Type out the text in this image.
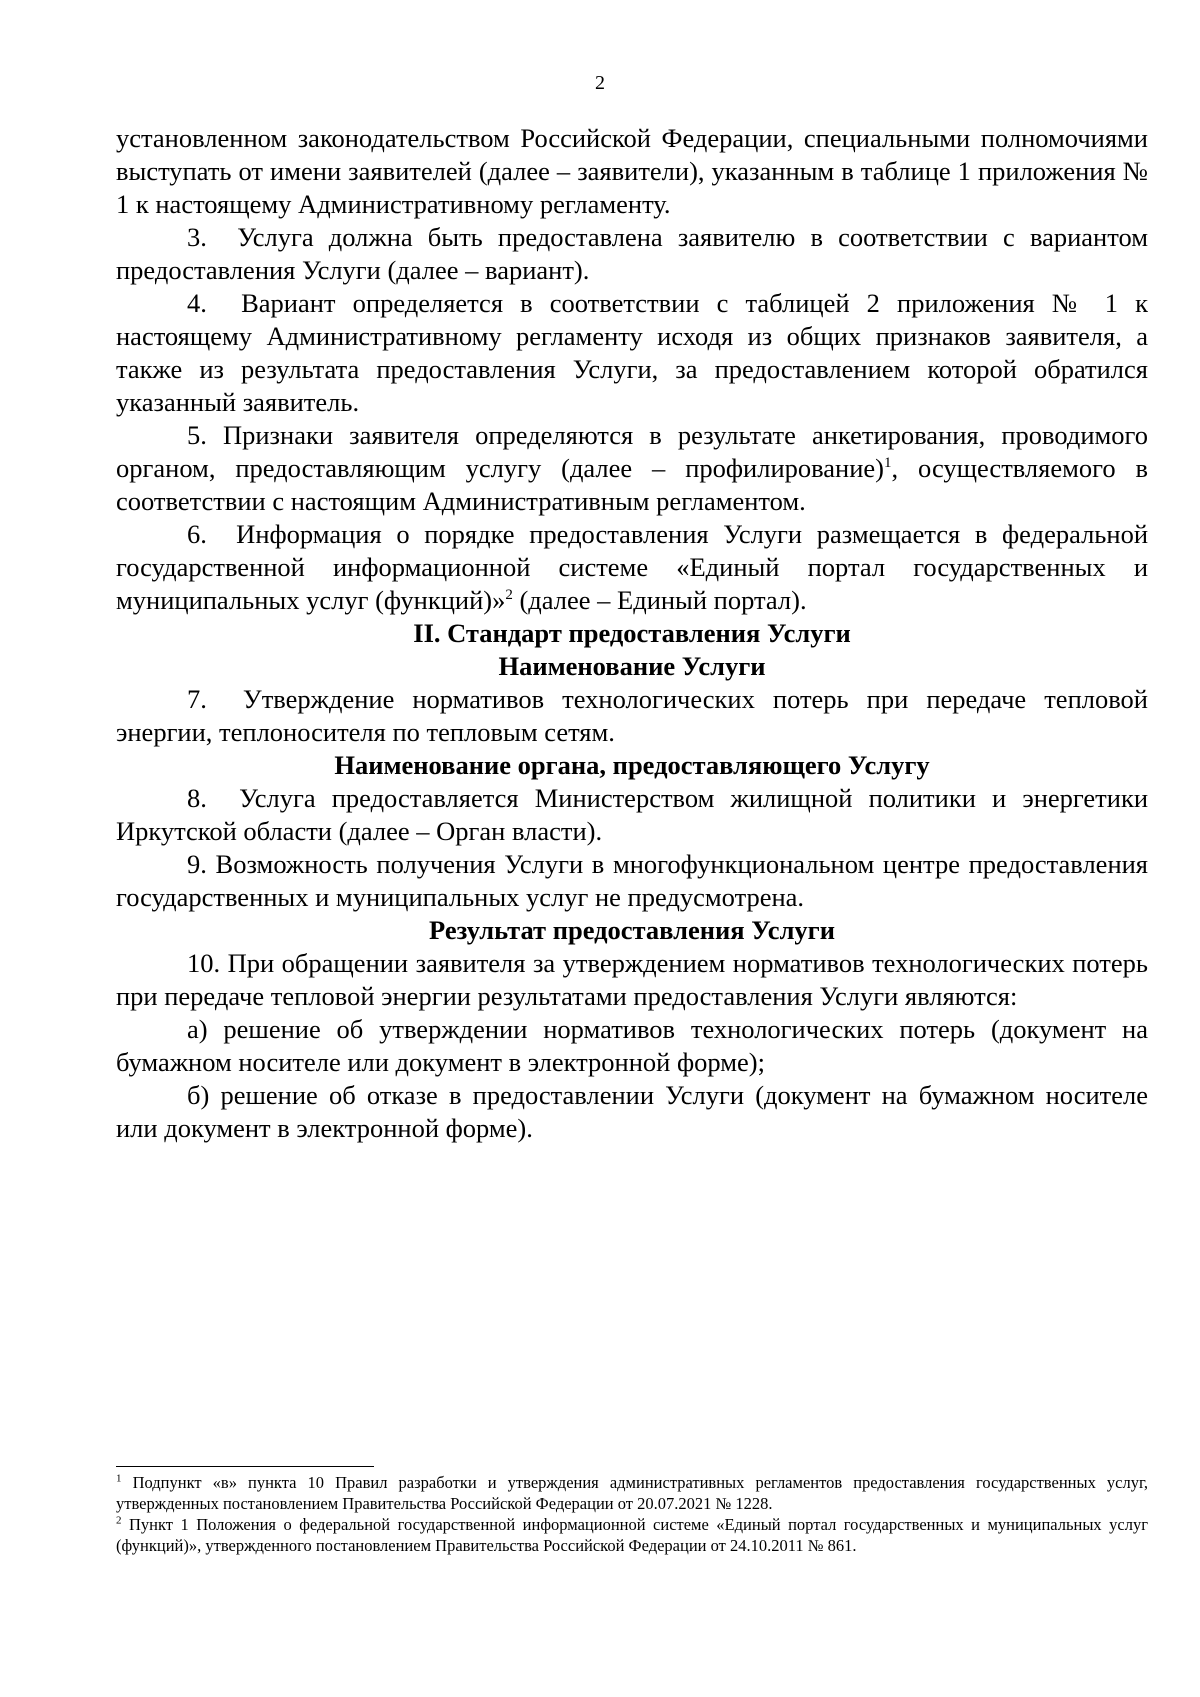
2

установленном законодательством Российской Федерации, специальными полномочиями выступать от имени заявителей (далее – заявители), указанным в таблице 1 приложения № 1 к настоящему Административному регламенту.

3.  Услуга должна быть предоставлена заявителю в соответствии с вариантом предоставления Услуги (далее – вариант).

4.  Вариант определяется в соответствии с таблицей 2 приложения № 1 к настоящему Административному регламенту исходя из общих признаков заявителя, а также из результата предоставления Услуги, за предоставлением которой обратился указанный заявитель.

5. Признаки заявителя определяются в результате анкетирования, проводимого органом, предоставляющим услугу (далее – профилирование)$^1$, осуществляемого в соответствии с настоящим Административным регламентом.

6.  Информация о порядке предоставления Услуги размещается в федеральной государственной информационной системе «Единый портал государственных и муниципальных услуг (функций)»$^2$ (далее – Единый портал).

II. Стандарт предоставления Услуги

Наименование Услуги

7.  Утверждение нормативов технологических потерь при передаче тепловой энергии, теплоносителя по тепловым сетям.

Наименование органа, предоставляющего Услугу

8.  Услуга предоставляется Министерством жилищной политики и энергетики Иркутской области (далее – Орган власти).

9. Возможность получения Услуги в многофункциональном центре предоставления государственных и муниципальных услуг не предусмотрена.

Результат предоставления Услуги

10. При обращении заявителя за утверждением нормативов технологических потерь при передаче тепловой энергии результатами предоставления Услуги являются:

а) решение об утверждении нормативов технологических потерь (документ на бумажном носителе или документ в электронной форме);

б) решение об отказе в предоставлении Услуги (документ на бумажном носителе или документ в электронной форме).

$^1$ Подпункт «в» пункта 10 Правил разработки и утверждения административных регламентов предоставления государственных услуг, утвержденных постановлением Правительства Российской Федерации от 20.07.2021 № 1228.

$^2$ Пункт 1 Положения о федеральной государственной информационной системе «Единый портал государственных и муниципальных услуг (функций)», утвержденного постановлением Правительства Российской Федерации от 24.10.2011 № 861.
